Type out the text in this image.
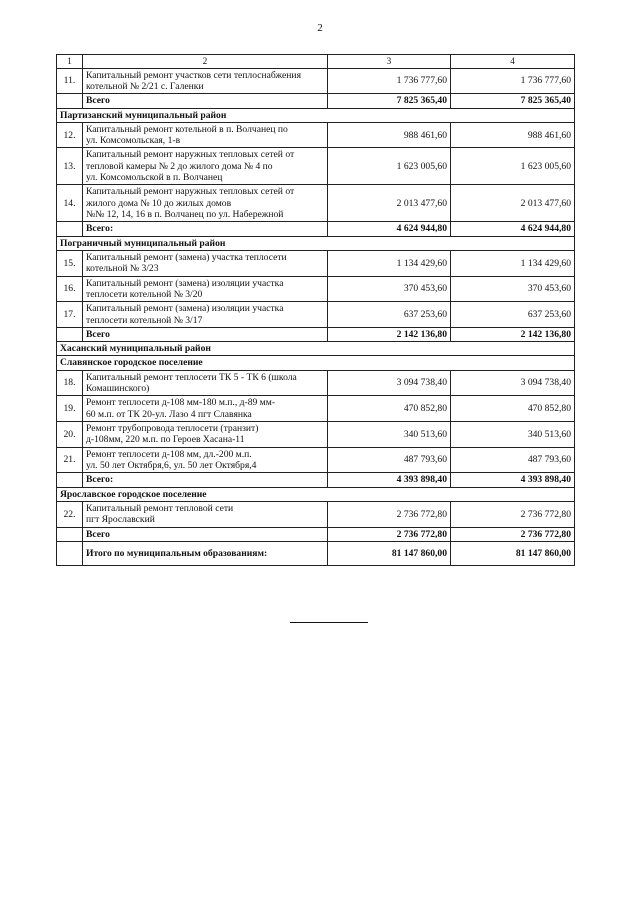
2
1	2	3	4
11.	Капитальный ремонт участков сети теплоснабжения
котельной № 2/21 с. Галенки	1 736 777,60	1 736 777,60
	Всего	7 825 365,40	7 825 365,40
Партизанский муниципальный район			
12.	Капитальный ремонт котельной в п. Волчанец по
ул. Комсомольская, 1-в	988 461,60	988 461,60
13.	Капитальный ремонт наружных тепловых сетей от
тепловой камеры № 2 до жилого дома № 4 по
ул. Комсомольской в п. Волчанец	1 623 005,60	1 623 005,60
14.	Капитальный ремонт наружных тепловых сетей от
жилого дома № 10 до жилых домов
№№ 12, 14, 16 в п. Волчанец по ул. Набережной	2 013 477,60	2 013 477,60
	Всего:	4 624 944,80	4 624 944,80
Пограничный муниципальный район			
15.	Капитальный ремонт (замена) участка теплосети
котельной № 3/23	1 134 429,60	1 134 429,60
16.	Капитальный ремонт (замена) изоляции участка
теплосети котельной № 3/20	370 453,60	370 453,60
17.	Капитальный ремонт (замена) изоляции участка
теплосети котельной № 3/17	637 253,60	637 253,60
	Всего	2 142 136,80	2 142 136,80
Хасанский муниципальный район			
Славянское городское поселение			
18.	Капитальный ремонт теплосети ТК 5 - ТК 6 (школа
Комашинского)	3 094 738,40	3 094 738,40
19.	Ремонт теплосети д-108 мм-180 м.п., д-89 мм-
60 м.п. от ТК 20-ул. Лазо 4 пгт Славянка	470 852,80	470 852,80
20.	Ремонт трубопровода теплосети (транзит)
д-108мм, 220 м.п. по Героев Хасана-11	340 513,60	340 513,60
21.	Ремонт теплосети д-108 мм, дл.-200 м.п.
ул. 50 лет Октября,6, ул. 50 лет Октября,4	487 793,60	487 793,60
	Всего:	4 393 898,40	4 393 898,40
Ярославское городское поселение			
22.	Капитальный ремонт тепловой сети
пгт Ярославский	2 736 772,80	2 736 772,80
	Всего	2 736 772,80	2 736 772,80
	Итого по муниципальным образованиям:	81 147 860,00	81 147 860,00
